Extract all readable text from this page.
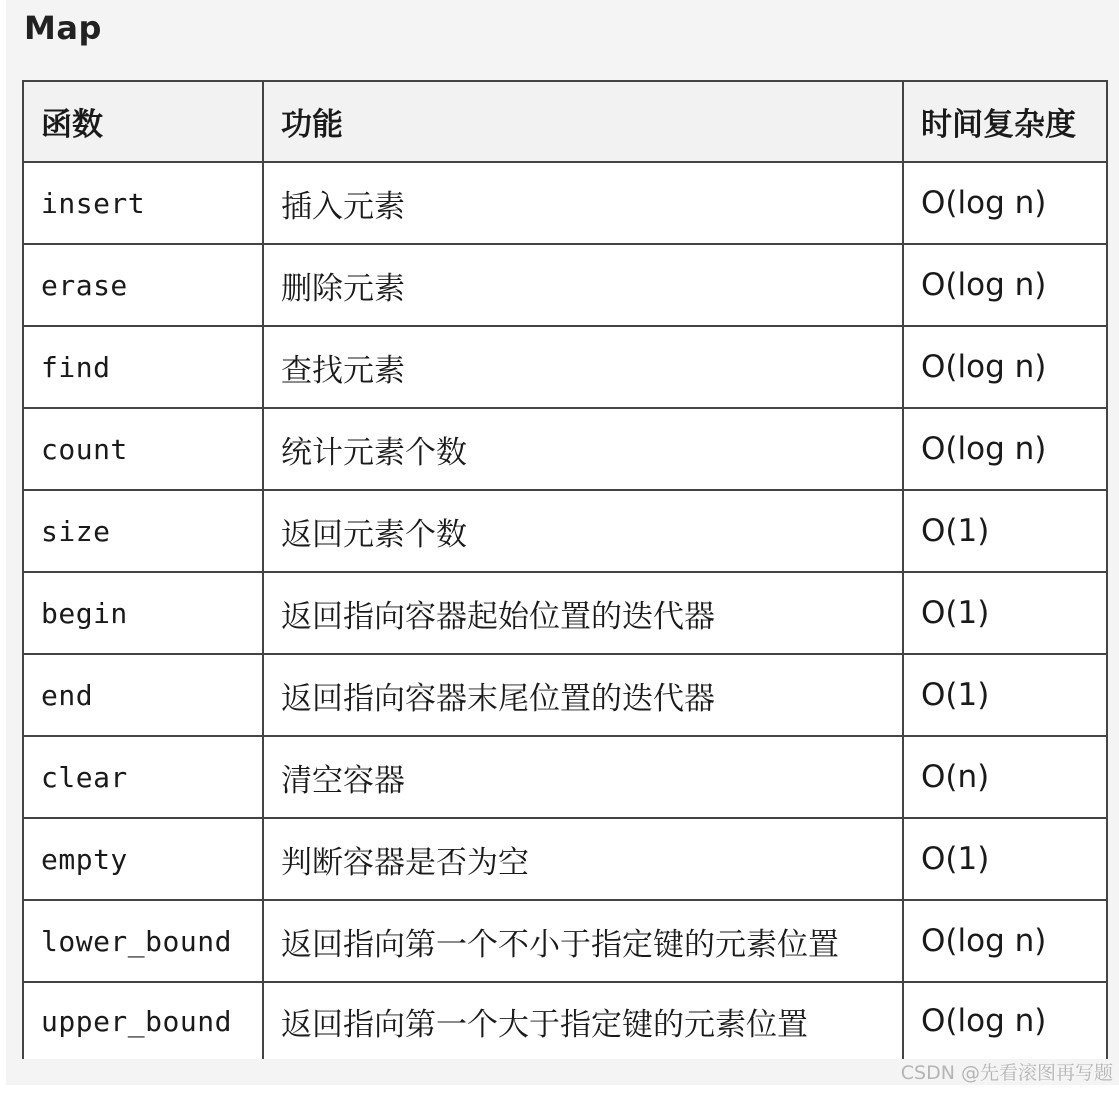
Map
函数	功能	时间复杂度
insert	插入元素	O(log n)
erase	删除元素	O(log n)
find	查找元素	O(log n)
count	统计元素个数	O(log n)
size	返回元素个数	O(1)
begin	返回指向容器起始位置的迭代器	O(1)
end	返回指向容器末尾位置的迭代器	O(1)
clear	清空容器	O(n)
empty	判断容器是否为空	O(1)
lower_bound	返回指向第一个不小于指定键的元素位置	O(log n)
upper_bound	返回指向第一个大于指定键的元素位置	O(log n)
CSDN @先看滚图再写题
